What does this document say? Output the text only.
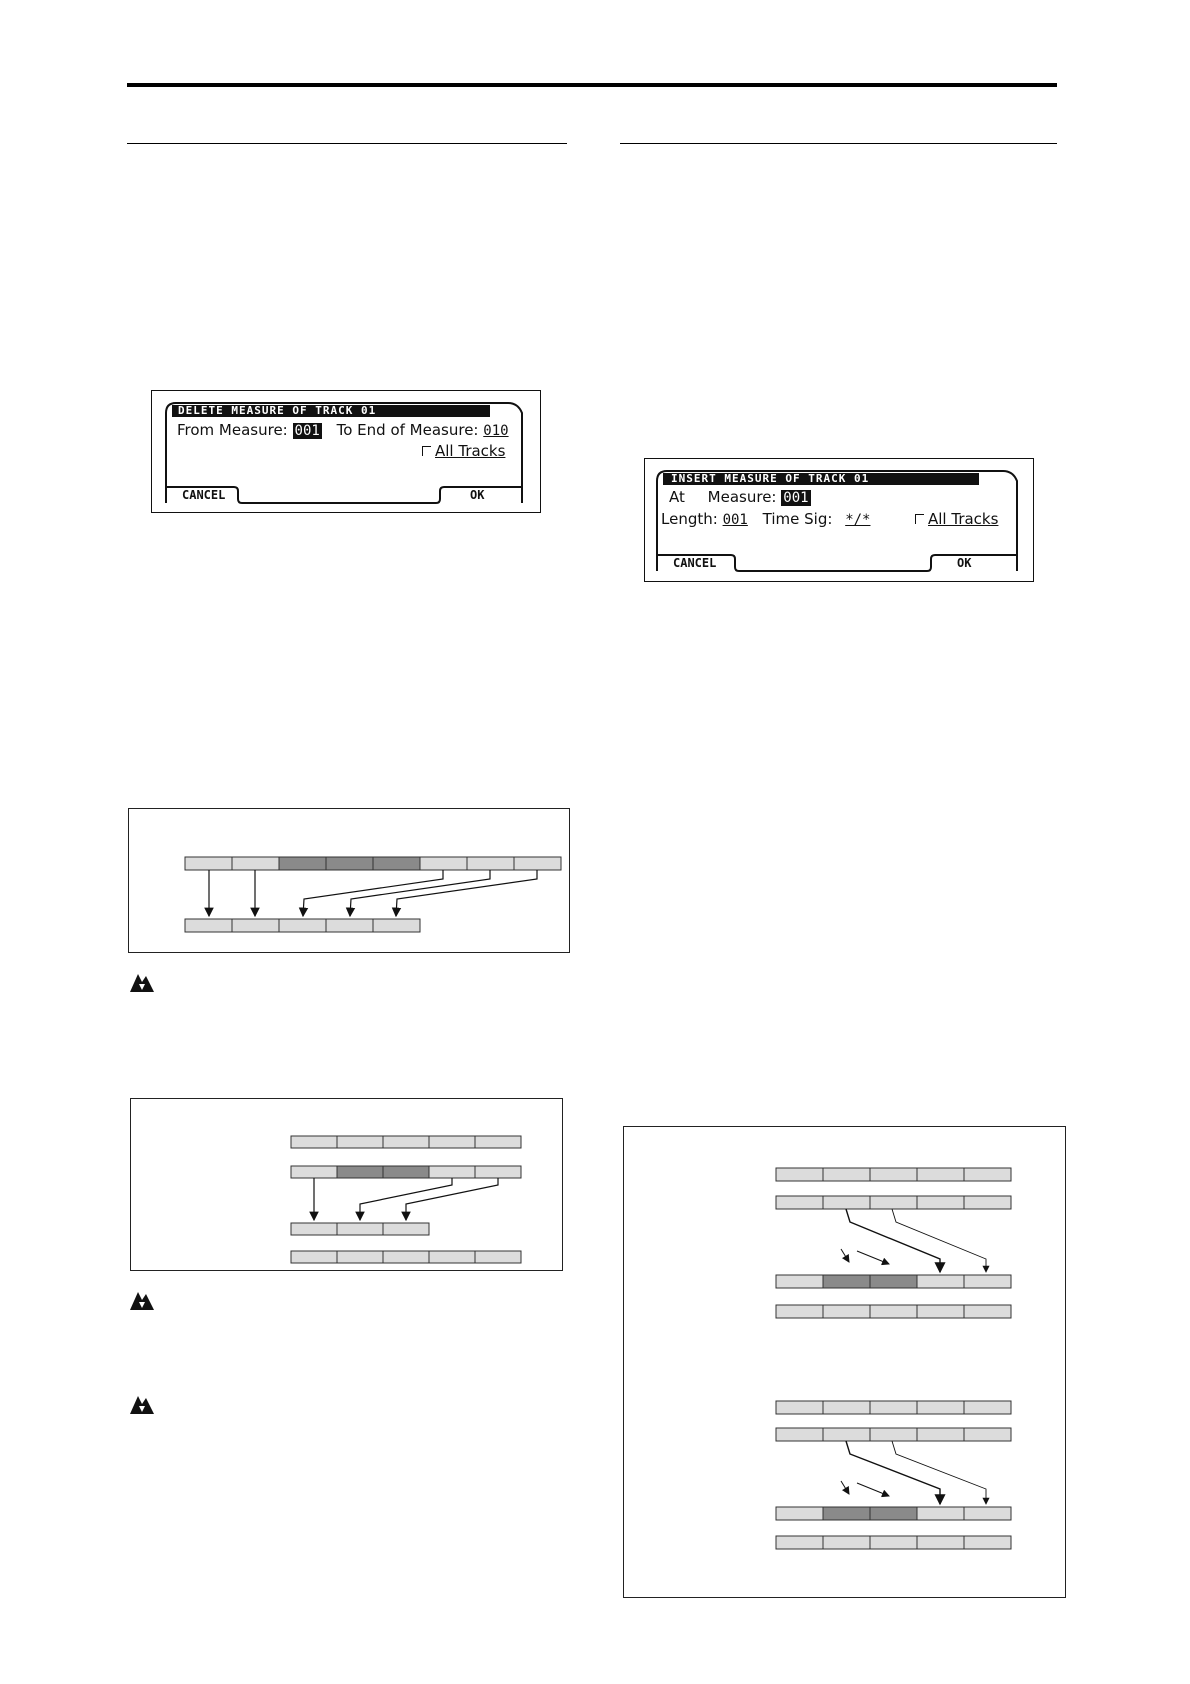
DELETE MEASURE OF TRACK 01
From Measure: 001 To End of Measure: 010
All Tracks
CANCEL	OK
INSERT MEASURE OF TRACK 01
At Measure: 001
Length: 001 Time Sig: */*	All Tracks
CANCEL	OK
